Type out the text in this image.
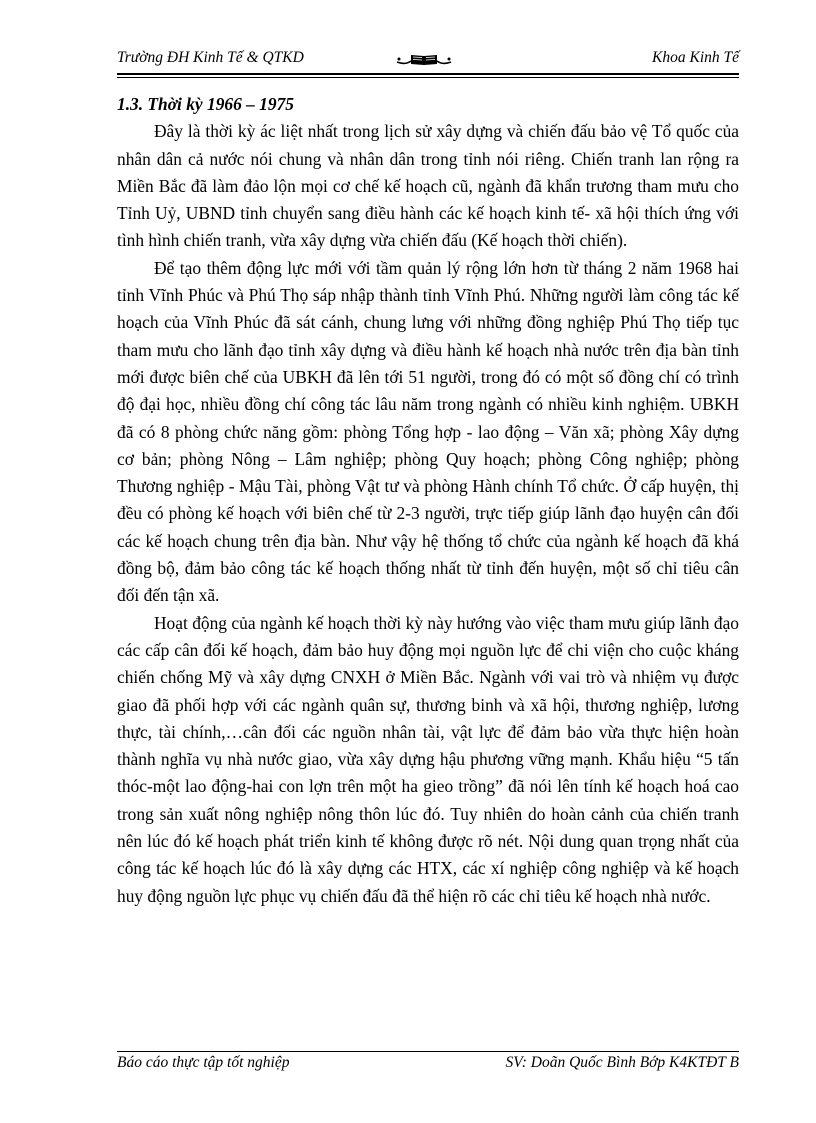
Trường ĐH Kinh Tế & QTKD	Khoa Kinh Tế

1.3. Thời kỳ 1966 – 1975

Đây là thời kỳ ác liệt nhất trong lịch sử xây dựng và chiến đấu bảo vệ Tổ quốc của nhân dân cả nước nói chung và nhân dân trong tỉnh nói riêng. Chiến tranh lan rộng ra Miền Bắc đã làm đảo lộn mọi cơ chế kế hoạch cũ, ngành đã khẩn trương tham mưu cho Tỉnh Uỷ, UBND tỉnh chuyển sang điều hành các kế hoạch kinh tế- xã hội thích ứng với tình hình chiến tranh, vừa xây dựng vừa chiến đấu (Kế hoạch thời chiến).

Để tạo thêm động lực mới với tầm quản lý rộng lớn hơn từ tháng 2 năm 1968 hai tỉnh Vĩnh Phúc và Phú Thọ sáp nhập thành tỉnh Vĩnh Phú. Những người làm công tác kế hoạch của Vĩnh Phúc đã sát cánh, chung lưng với những đồng nghiệp Phú Thọ tiếp tục tham mưu cho lãnh đạo tỉnh xây dựng và điều hành kế hoạch nhà nước trên địa bàn tỉnh mới được biên chế của UBKH đã lên tới 51 người, trong đó có một số đồng chí có trình độ đại học, nhiều đồng chí công tác lâu năm trong ngành có nhiều kinh nghiệm. UBKH đã có 8 phòng chức năng gồm: phòng Tổng hợp - lao động – Văn xã; phòng Xây dựng cơ bản; phòng Nông – Lâm nghiệp; phòng Quy hoạch; phòng Công nghiệp; phòng Thương nghiệp - Mậu Tài, phòng Vật tư và phòng Hành chính Tổ chức. Ở cấp huyện, thị đều có phòng kế hoạch với biên chế từ 2-3 người, trực tiếp giúp lãnh đạo huyện cân đối các kế hoạch chung trên địa bàn. Như vậy hệ thống tổ chức của ngành kế hoạch đã khá đồng bộ, đảm bảo công tác kế hoạch thống nhất từ tỉnh đến huyện, một số chỉ tiêu cân đối đến tận xã.

Hoạt động của ngành kế hoạch thời kỳ này hướng vào việc tham mưu giúp lãnh đạo các cấp cân đối kế hoạch, đảm bảo huy động mọi nguồn lực để chi viện cho cuộc kháng chiến chống Mỹ và xây dựng CNXH ở Miền Bắc. Ngành với vai trò và nhiệm vụ được giao đã phối hợp với các ngành quân sự, thương binh và xã hội, thương nghiệp, lương thực, tài chính,…cân đối các nguồn nhân tài, vật lực để đảm bảo vừa thực hiện hoàn thành nghĩa vụ nhà nước giao, vừa xây dựng hậu phương vững mạnh. Khẩu hiệu “5 tấn thóc-một lao động-hai con lợn trên một ha gieo trồng” đã nói lên tính kế hoạch hoá cao trong sản xuất nông nghiệp nông thôn lúc đó. Tuy nhiên do hoàn cảnh của chiến tranh nên lúc đó kế hoạch phát triển kinh tế không được rõ nét. Nội dung quan trọng nhất của công tác kế hoạch lúc đó là xây dựng các HTX, các xí nghiệp công nghiệp và kế hoạch huy động nguồn lực phục vụ chiến đấu đã thể hiện rõ các chỉ tiêu kế hoạch nhà nước.

Báo cáo thực tập tốt nghiệp	SV: Doãn Quốc Bình Bớp K4KTĐT B
